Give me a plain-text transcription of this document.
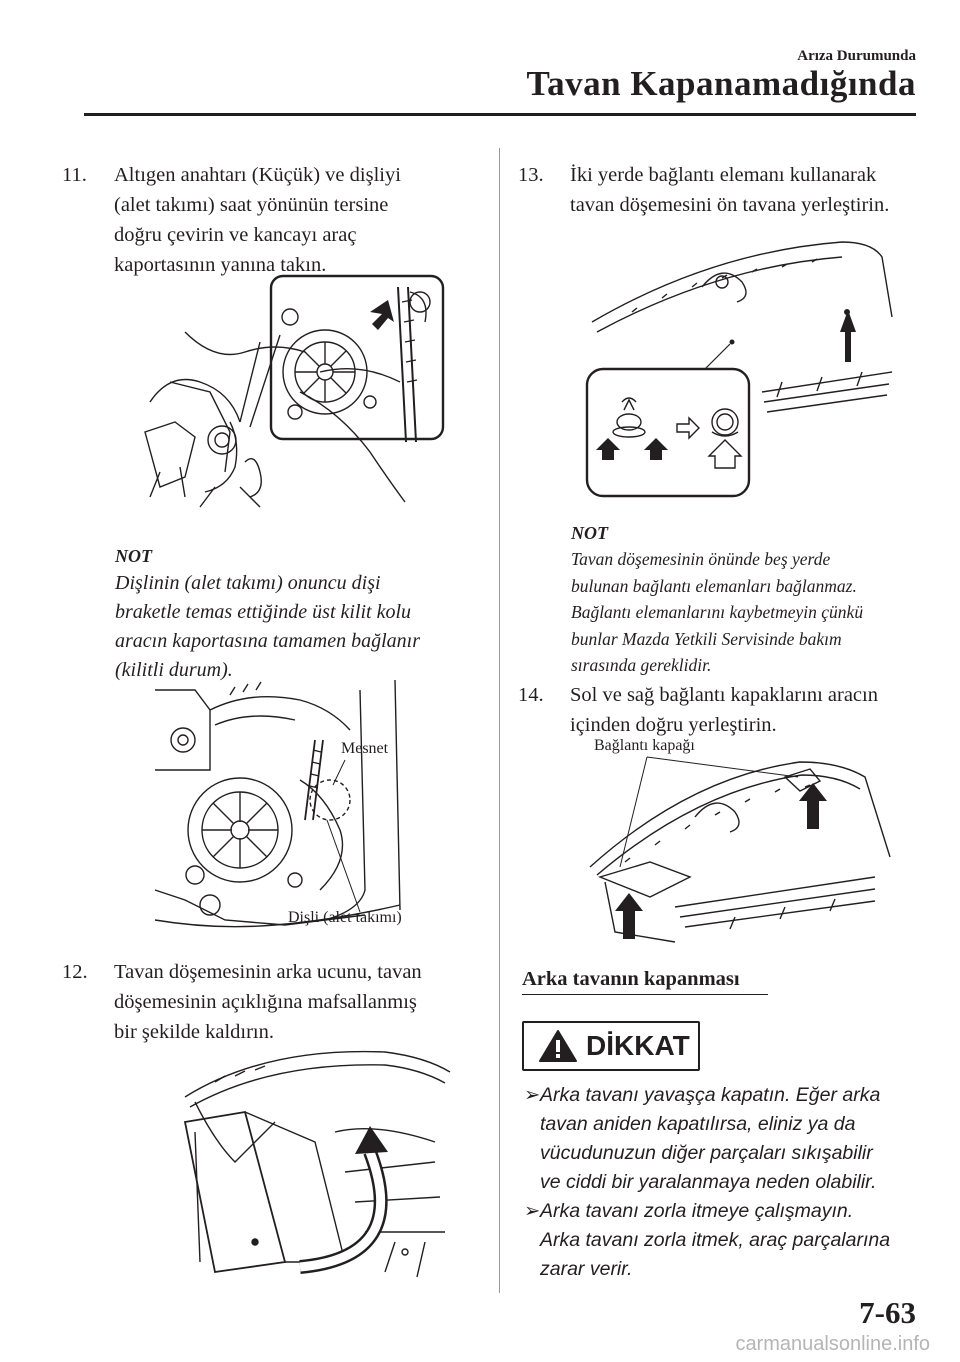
Arıza Durumunda
Tavan Kapanamadığında
11. Altıgen anahtarı (Küçük) ve dişliyi
(alet takımı) saat yönünün tersine
doğru çevirin ve kancayı araç
kaportasının yanına takın.
NOT
Dişlinin (alet takımı) onuncu dişi
braketle temas ettiğinde üst kilit kolu
aracın kaportasına tamamen bağlanır
(kilitli durum).
Mesnet
Dişli (alet takımı)
12. Tavan döşemesinin arka ucunu, tavan
döşemesinin açıklığına mafsallanmış
bir şekilde kaldırın.
13. İki yerde bağlantı elemanı kullanarak
tavan döşemesini ön tavana yerleştirin.
NOT
Tavan döşemesinin önünde beş yerde
bulunan bağlantı elemanları bağlanmaz.
Bağlantı elemanlarını kaybetmeyin çünkü
bunlar Mazda Yetkili Servisinde bakım
sırasında gereklidir.
14. Sol ve sağ bağlantı kapaklarını aracın
içinden doğru yerleştirin.
Bağlantı kapağı
Arka tavanın kapanması
DİKKAT
➢ Arka tavanı yavaşça kapatın. Eğer arka
tavan aniden kapatılırsa, eliniz ya da
vücudunuzun diğer parçaları sıkışabilir
ve ciddi bir yaralanmaya neden olabilir.
➢ Arka tavanı zorla itmeye çalışmayın.
Arka tavanı zorla itmek, araç parçalarına
zarar verir.
7-63
carmanualsonline.info
